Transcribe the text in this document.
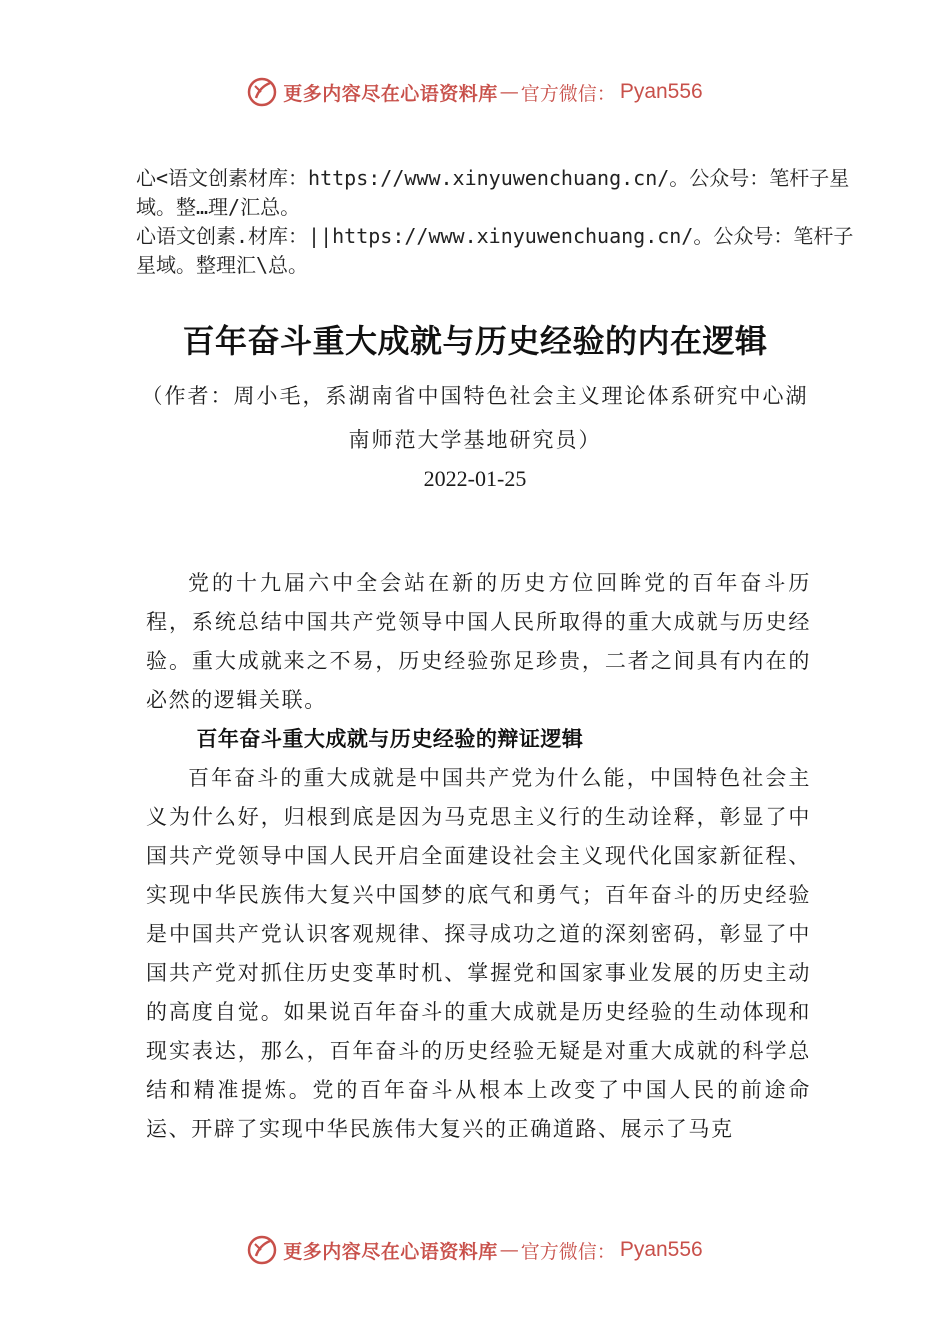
更多内容尽在心语资料库 — 官方微信： Pyan556

心<语文创素材库：https://www.xinyuwenchuang.cn/。公众号：笔杆子星域。整…理/汇总。

心语文创素.材库：||https://www.xinyuwenchuang.cn/。公众号：笔杆子星域。整理汇\总。

百年奋斗重大成就与历史经验的内在逻辑
（作者：周小毛，系湖南省中国特色社会主义理论体系研究中心湖南师范大学基地研究员）
2022-01-25

党的十九届六中全会站在新的历史方位回眸党的百年奋斗历程，系统总结中国共产党领导中国人民所取得的重大成就与历史经验。重大成就来之不易，历史经验弥足珍贵，二者之间具有内在的必然的逻辑关联。

百年奋斗重大成就与历史经验的辩证逻辑

百年奋斗的重大成就是中国共产党为什么能，中国特色社会主义为什么好，归根到底是因为马克思主义行的生动诠释，彰显了中国共产党领导中国人民开启全面建设社会主义现代化国家新征程、实现中华民族伟大复兴中国梦的底气和勇气；百年奋斗的历史经验是中国共产党认识客观规律、探寻成功之道的深刻密码，彰显了中国共产党对抓住历史变革时机、掌握党和国家事业发展的历史主动的高度自觉。如果说百年奋斗的重大成就是历史经验的生动体现和现实表达，那么，百年奋斗的历史经验无疑是对重大成就的科学总结和精准提炼。党的百年奋斗从根本上改变了中国人民的前途命运、开辟了实现中华民族伟大复兴的正确道路、展示了马克

更多内容尽在心语资料库 — 官方微信： Pyan556
